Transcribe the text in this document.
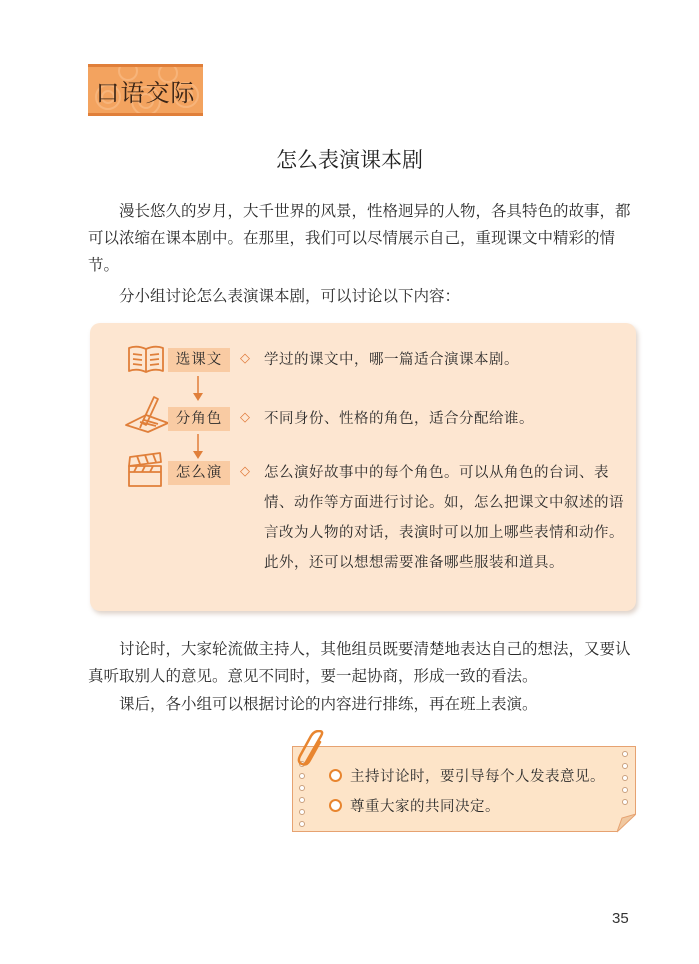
口语交际
怎么表演课本剧

漫长悠久的岁月，大千世界的风景，性格迥异的人物，各具特色的故事，都可以浓缩在课本剧中。在那里，我们可以尽情展示自己，重现课文中精彩的情节。

分小组讨论怎么表演课本剧，可以讨论以下内容：

选课文	◇ 学过的课文中，哪一篇适合演课本剧。
分角色	◇ 不同身份、性格的角色，适合分配给谁。
怎么演	◇ 怎么演好故事中的每个角色。可以从角色的台词、表情、动作等方面进行讨论。如，怎么把课文中叙述的语言改为人物的对话，表演时可以加上哪些表情和动作。此外，还可以想想需要准备哪些服装和道具。

讨论时，大家轮流做主持人，其他组员既要清楚地表达自己的想法，又要认真听取别人的意见。意见不同时，要一起协商，形成一致的看法。

课后，各小组可以根据讨论的内容进行排练，再在班上表演。

主持讨论时，要引导每个人发表意见。
尊重大家的共同决定。
35
